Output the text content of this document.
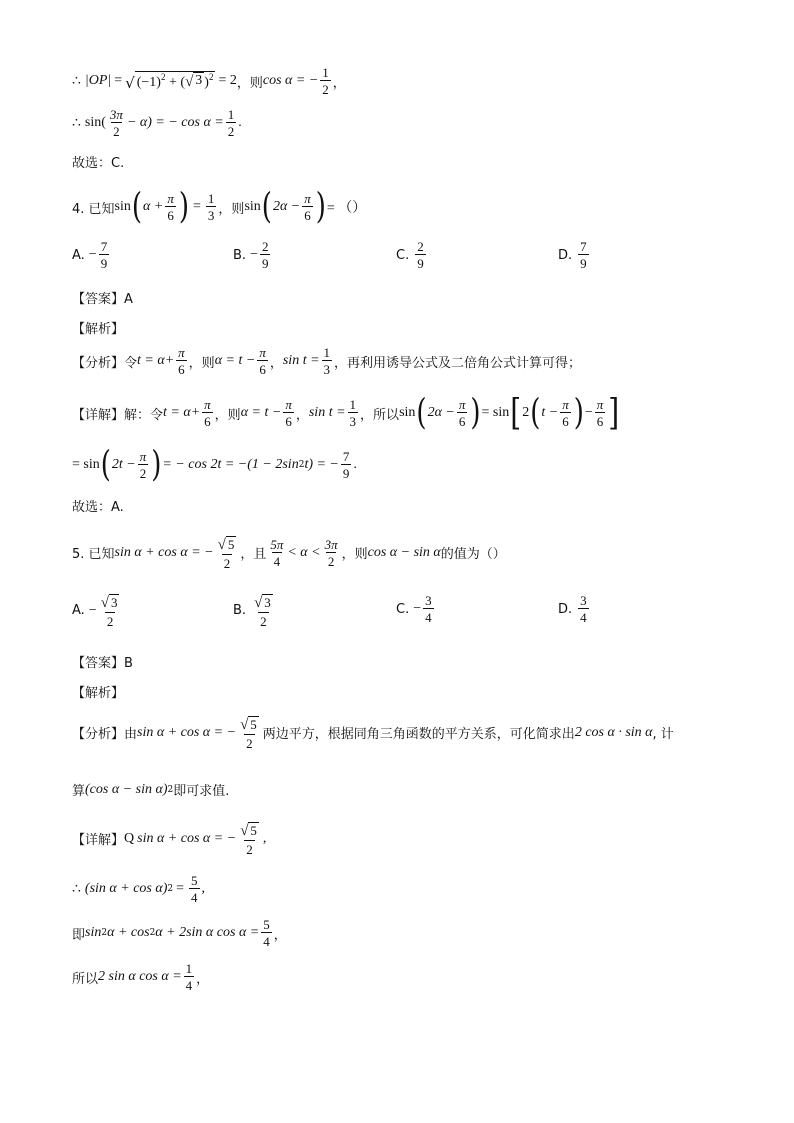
∴ |OP| = √ $(-1)^2$ + ( √ 3 )$^2$ = 2 ，则 cos α = − $\frac{1}{2}$ ，
∴ $\sin( \frac{3\pi}{2} - \alpha)$ = − $\cos \alpha = \frac{1}{2}$ .
故选：C.
4. 已知 sin ( $\alpha + \frac{\pi}{6}$ ) = $\frac{1}{3}$ ，则 sin ( $2\alpha - \frac{\pi}{6}$ ) = （）
A. − $\frac{7}{9}$	B. − $\frac{2}{9}$	C. $\frac{2}{9}$	D. $\frac{7}{9}$
【答案】A
【解析】
【分析】令 $t = \alpha+ \frac{\pi}{6}$ ，则 $\alpha = t - \frac{\pi}{6}$ ， $\sin t = \frac{1}{3}$ ，再利用诱导公式及二倍角公式计算可得；
【详解】解：令 $t = \alpha+ \frac{\pi}{6}$ ，则 $\alpha = t - \frac{\pi}{6}$ ， $\sin t = \frac{1}{3}$ ，所以 sin ( $2\alpha - \frac{\pi}{6}$ ) = sin [ 2 ( $t - \frac{\pi}{6}$ ) − $\frac{\pi}{6}$ ]
= sin ( $2t - \frac{\pi}{2}$ ) = − cos 2t = −(1 − 2sin 2 t) = − $\frac{7}{9}$ .
故选：A.
5. 已知 sin α + cos α = − $\frac{√ 5}{2}$ ，且 $\frac{5\pi}{4} < \alpha < \frac{3\pi}{2}$ ，则 cos α − sin α 的值为（）
A. − $\frac{√ 3}{2}$	B. $\frac{√ 3}{2}$	C. − $\frac{3}{4}$	D. $\frac{3}{4}$
【答案】B
【解析】
【分析】由 sin α + cos α = − $\frac{√ 5}{2}$ 两边平方，根据同角三角函数的平方关系，可化简求出 2 cos α · sin α , 计
算 (cos α − sin α) 2 即可求值.
【详解】 Q sin α + cos α = − $\frac{√ 5}{2}$ ,
∴ (sin α + cos α) $2 = \frac{5}{4}$ ,
即 sin 2 α + cos 2 α + 2sin α $\cos \alpha = \frac{5}{4}$ ，
所以 2 sin α $\cos \alpha = \frac{1}{4}$ ，
